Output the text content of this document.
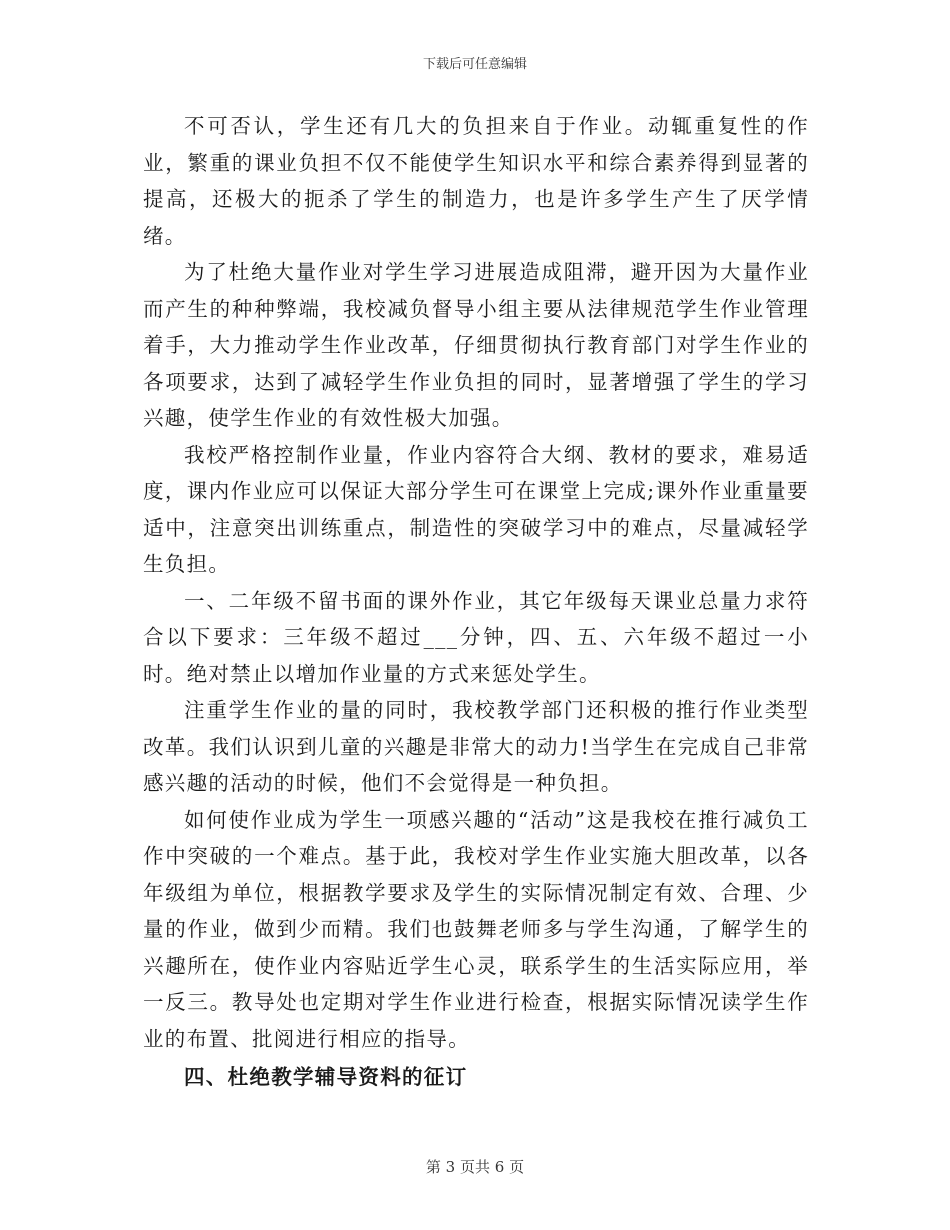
下载后可任意编辑

不可否认，学生还有几大的负担来自于作业。动辄重复性的作业，繁重的课业负担不仅不能使学生知识水平和综合素养得到显著的提高，还极大的扼杀了学生的制造力，也是许多学生产生了厌学情绪。

为了杜绝大量作业对学生学习进展造成阻滞，避开因为大量作业而产生的种种弊端，我校减负督导小组主要从法律规范学生作业管理着手，大力推动学生作业改革，仔细贯彻执行教育部门对学生作业的各项要求，达到了减轻学生作业负担的同时，显著增强了学生的学习兴趣，使学生作业的有效性极大加强。

我校严格控制作业量，作业内容符合大纲、教材的要求，难易适度，课内作业应可以保证大部分学生可在课堂上完成;课外作业重量要适中，注意突出训练重点，制造性的突破学习中的难点，尽量减轻学生负担。

一、二年级不留书面的课外作业，其它年级每天课业总量力求符合以下要求：三年级不超过___分钟，四、五、六年级不超过一小时。绝对禁止以增加作业量的方式来惩处学生。

注重学生作业的量的同时，我校教学部门还积极的推行作业类型改革。我们认识到儿童的兴趣是非常大的动力!当学生在完成自己非常感兴趣的活动的时候，他们不会觉得是一种负担。

如何使作业成为学生一项感兴趣的“活动”这是我校在推行减负工作中突破的一个难点。基于此，我校对学生作业实施大胆改革，以各年级组为单位，根据教学要求及学生的实际情况制定有效、合理、少量的作业，做到少而精。我们也鼓舞老师多与学生沟通，了解学生的兴趣所在，使作业内容贴近学生心灵，联系学生的生活实际应用，举一反三。教导处也定期对学生作业进行检查，根据实际情况读学生作业的布置、批阅进行相应的指导。

四、杜绝教学辅导资料的征订

第 3 页共 6 页
